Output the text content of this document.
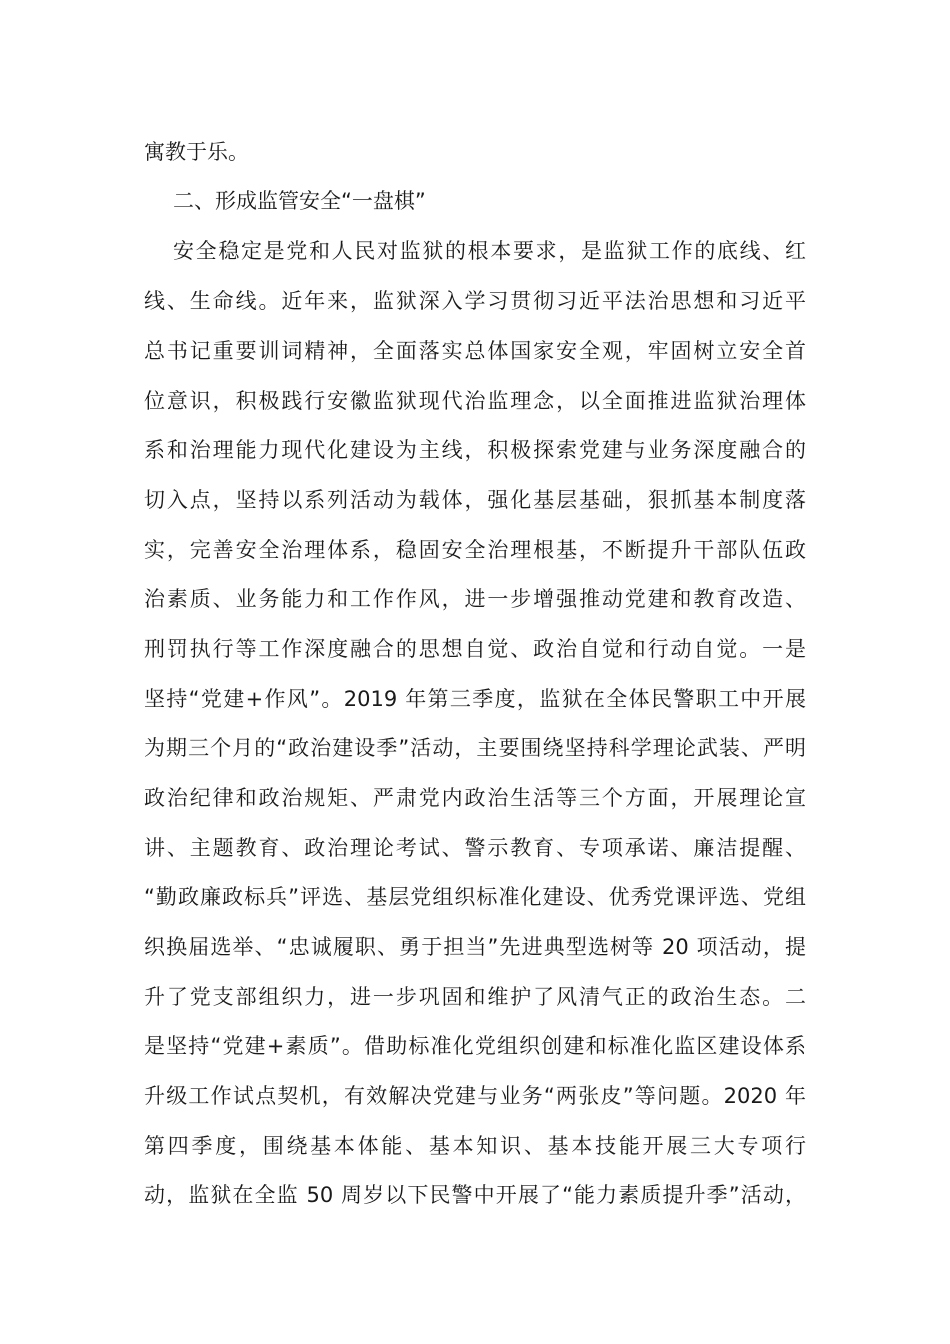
寓教于乐。
二、形成监管安全“一盘棋”
安全稳定是党和人民对监狱的根本要求，是监狱工作的底线、红
线、生命线。近年来，监狱深入学习贯彻习近平法治思想和习近平
总书记重要训词精神，全面落实总体国家安全观，牢固树立安全首
位意识，积极践行安徽监狱现代治监理念，以全面推进监狱治理体
系和治理能力现代化建设为主线，积极探索党建与业务深度融合的
切入点，坚持以系列活动为载体，强化基层基础，狠抓基本制度落
实，完善安全治理体系，稳固安全治理根基，不断提升干部队伍政
治素质、业务能力和工作作风，进一步增强推动党建和教育改造、
刑罚执行等工作深度融合的思想自觉、政治自觉和行动自觉。一是
坚持“党建+作风”。2019 年第三季度，监狱在全体民警职工中开展
为期三个月的“政治建设季”活动，主要围绕坚持科学理论武装、严明
政治纪律和政治规矩、严肃党内政治生活等三个方面，开展理论宣
讲、主题教育、政治理论考试、警示教育、专项承诺、廉洁提醒、
“勤政廉政标兵”评选、基层党组织标准化建设、优秀党课评选、党组
织换届选举、“忠诚履职、勇于担当”先进典型选树等 20 项活动，提
升了党支部组织力，进一步巩固和维护了风清气正的政治生态。二
是坚持“党建+素质”。借助标准化党组织创建和标准化监区建设体系
升级工作试点契机，有效解决党建与业务“两张皮”等问题。2020 年
第四季度，围绕基本体能、基本知识、基本技能开展三大专项行
动，监狱在全监 50 周岁以下民警中开展了“能力素质提升季”活动，
